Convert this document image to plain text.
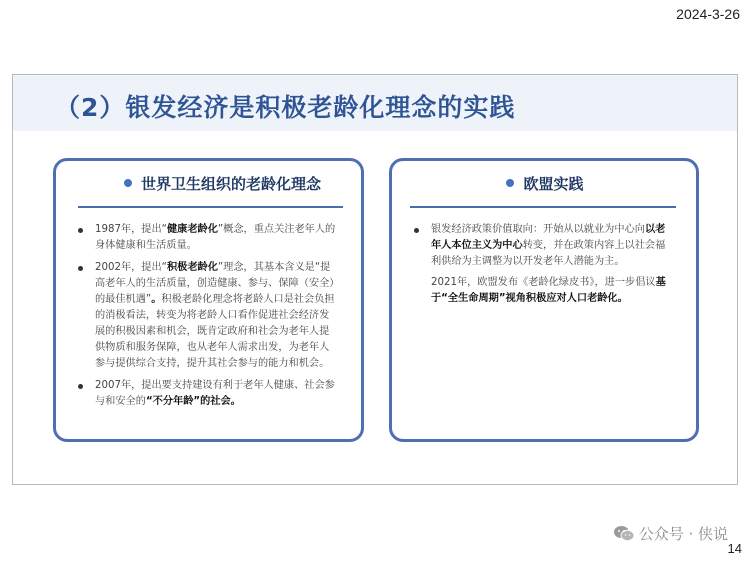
2024-3-26
（2）银发经济是积极老龄化理念的实践
世界卫生组织的老龄化理念
1987年，提出“健康老龄化”概念，重点关注老年人的身体健康和生活质量。
2002年，提出“积极老龄化”理念，其基本含义是“提高老年人的生活质量，创造健康、参与、保障（安全）的最佳机遇”。积极老龄化理念将老龄人口是社会负担的消极看法，转变为将老龄人口看作促进社会经济发展的积极因素和机会，既肯定政府和社会为老年人提供物质和服务保障，也从老年人需求出发，为老年人参与提供综合支持，提升其社会参与的能力和机会。
2007年，提出要支持建设有利于老年人健康、社会参与和安全的“不分年龄”的社会。
欧盟实践
银发经济政策价值取向：开始从以就业为中心向以老年人本位主义为中心转变，并在政策内容上以社会福利供给为主调整为以开发老年人潜能为主。
2021年，欧盟发布《老龄化绿皮书》，进一步倡议基于“全生命周期”视角积极应对人口老龄化。
公众号 · 侠说
14
